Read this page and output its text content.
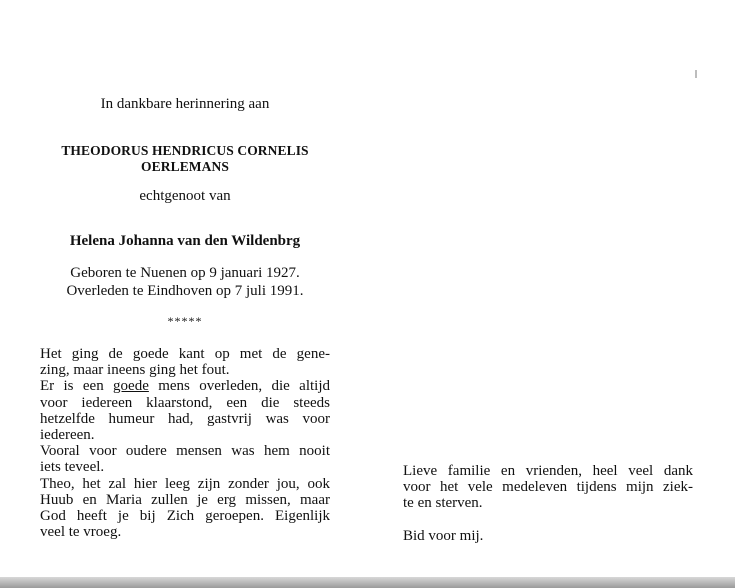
In dankbare herinnering aan
THEODORUS HENDRICUS CORNELIS
OERLEMANS
echtgenoot van
Helena Johanna van den Wildenbrg
Geboren te Nuenen op 9 januari 1927.
Overleden te Eindhoven op 7 juli 1991.
*****
Het ging de goede kant op met de gene-
zing, maar ineens ging het fout.
Er is een goede mens overleden, die altijd
voor iedereen klaarstond, een die steeds
hetzelfde humeur had, gastvrij was voor
iedereen.
Vooral voor oudere mensen was hem nooit
iets teveel.
Theo, het zal hier leeg zijn zonder jou, ook
Huub en Maria zullen je erg missen, maar
God heeft je bij Zich geroepen. Eigenlijk
veel te vroeg.
Lieve familie en vrienden, heel veel dank
voor het vele medeleven tijdens mijn ziek-
te en sterven.
Bid voor mij.
